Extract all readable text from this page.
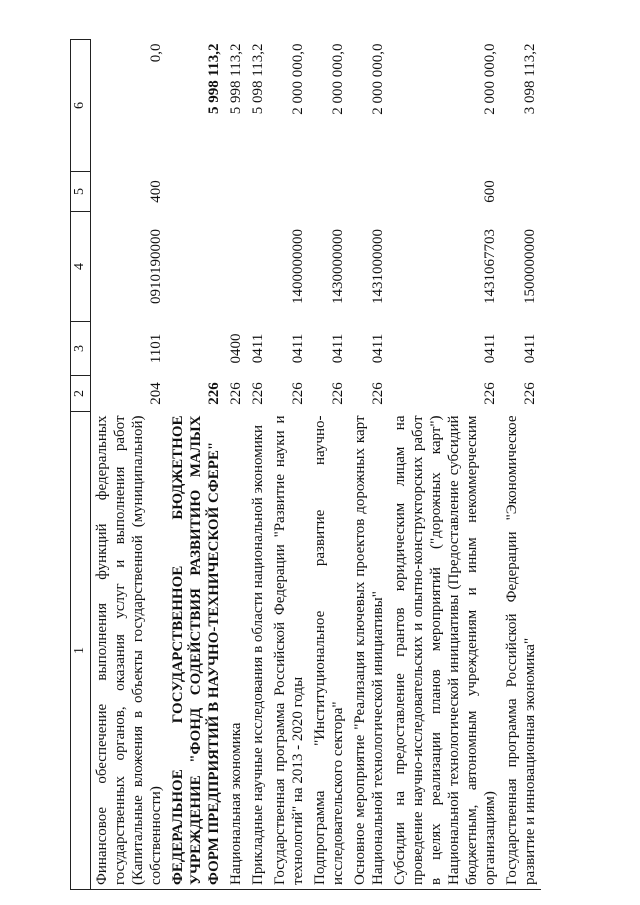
1	2	3	4	5	6
Финансовое обеспечение выполнения функций федеральных государственных органов, оказания услуг и выполнения работ (Капитальные вложения в объекты государственной (муниципальной) собственности)	204	1101	0910190000	400	0,0
ФЕДЕРАЛЬНОЕ ГОСУДАРСТВЕННОЕ БЮДЖЕТНОЕ УЧРЕЖДЕНИЕ "ФОНД СОДЕЙСТВИЯ РАЗВИТИЮ МАЛЫХ ФОРМ ПРЕДПРИЯТИЙ В НАУЧНО-ТЕХНИЧЕСКОЙ СФЕРЕ"	226				5 998 113,2
Национальная экономика	226	0400			5 998 113,2
Прикладные научные исследования в области национальной экономики	226	0411			5 098 113,2
Государственная программа Российской Федерации "Развитие науки и технологий" на 2013 - 2020 годы	226	0411	1400000000		2 000 000,0
Подпрограмма "Институциональное развитие научно-исследовательского сектора"	226	0411	1430000000		2 000 000,0
Основное мероприятие "Реализация ключевых проектов дорожных карт Национальной технологической инициативы"	226	0411	1431000000		2 000 000,0
Субсидии на предоставление грантов юридическим лицам на проведение научно-исследовательских и опытно-конструкторских работ в целях реализации планов мероприятий ("дорожных карт") Национальной технологической инициативы (Предоставление субсидий бюджетным, автономным учреждениям и иным некоммерческим организациям)	226	0411	1431067703	600	2 000 000,0
Государственная программа Российской Федерации "Экономическое развитие и инновационная экономика"	226	0411	1500000000		3 098 113,2
